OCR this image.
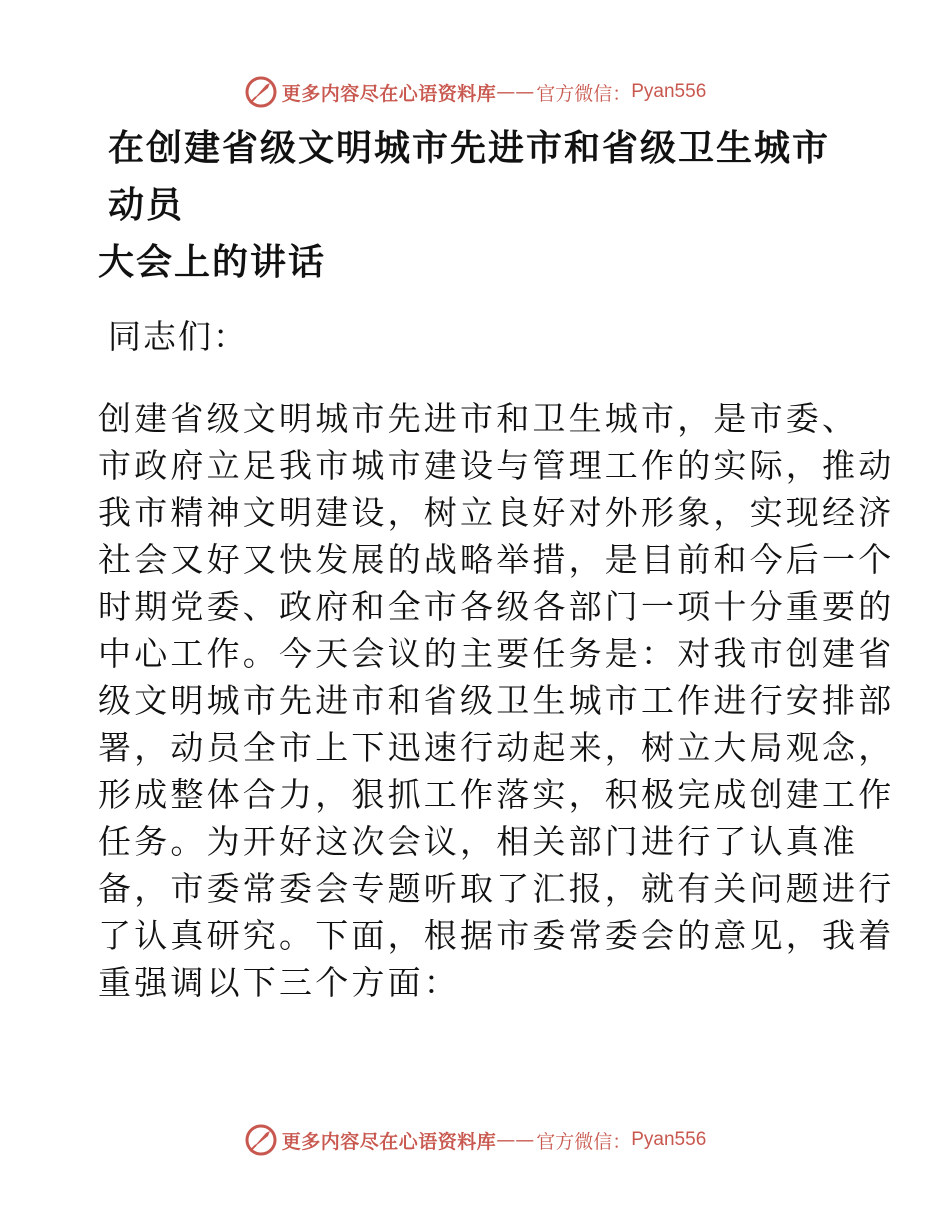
更多内容尽在心语资料库 —— 官方微信： Pyan556
在创建省级文明城市先进市和省级卫生城市动员
大会上的讲话

同志们：

创建省级文明城市先进市和卫生城市，是市委、
市政府立足我市城市建设与管理工作的实际，推动
我市精神文明建设，树立良好对外形象，实现经济
社会又好又快发展的战略举措，是目前和今后一个
时期党委、政府和全市各级各部门一项十分重要的
中心工作。今天会议的主要任务是：对我市创建省
级文明城市先进市和省级卫生城市工作进行安排部
署，动员全市上下迅速行动起来，树立大局观念，
形成整体合力，狠抓工作落实，积极完成创建工作
任务。为开好这次会议，相关部门进行了认真准
备，市委常委会专题听取了汇报，就有关问题进行
了认真研究。下面，根据市委常委会的意见，我着
重强调以下三个方面：

更多内容尽在心语资料库 —— 官方微信： Pyan556
